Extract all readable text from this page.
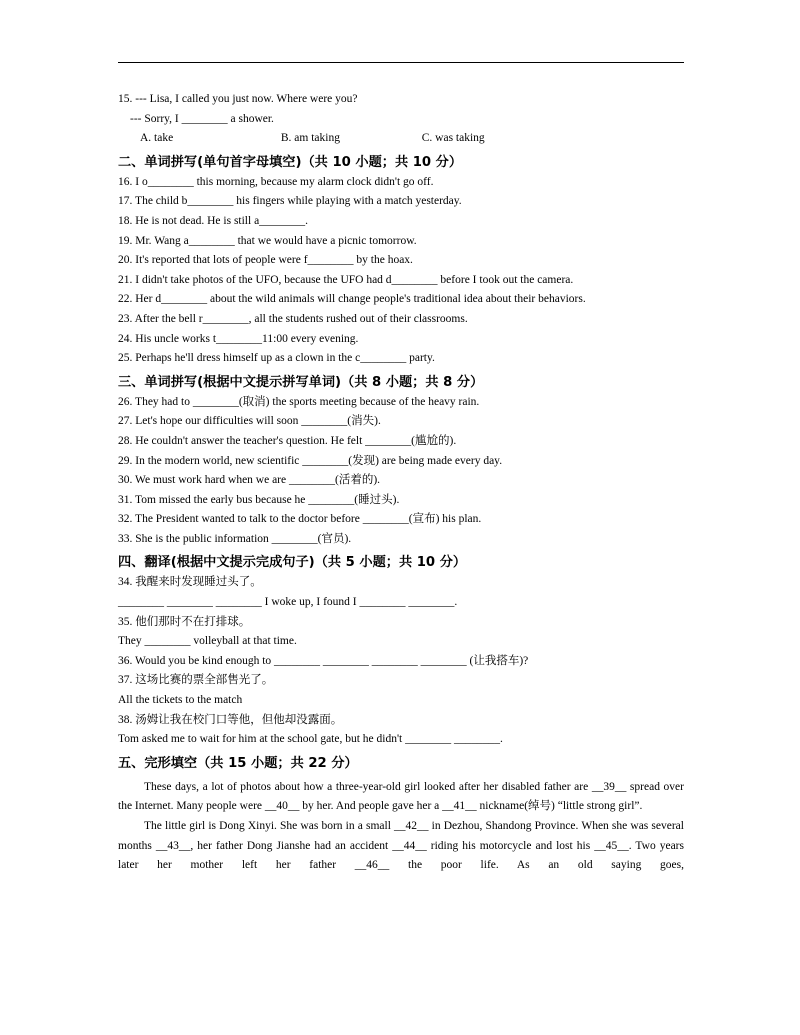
15. --- Lisa, I called you just now. Where were you?
--- Sorry, I ________ a shower.
A. take	B. am taking	C. was taking
二、单词拼写(单句首字母填空)（共 10 小题；共 10 分）
16. I o________ this morning, because my alarm clock didn't go off.
17. The child b________ his fingers while playing with a match yesterday.
18. He is not dead. He is still a________.
19. Mr. Wang a________ that we would have a picnic tomorrow.
20. It's reported that lots of people were f________ by the hoax.
21. I didn't take photos of the UFO, because the UFO had d________ before I took out the camera.
22. Her d________ about the wild animals will change people's traditional idea about their behaviors.
23. After the bell r________, all the students rushed out of their classrooms.
24. His uncle works t________11:00 every evening.
25. Perhaps he'll dress himself up as a clown in the c________ party.
三、单词拼写(根据中文提示拼写单词)（共 8 小题；共 8 分）
26. They had to ________(取消) the sports meeting because of the heavy rain.
27. Let's hope our difficulties will soon ________(消失).
28. He couldn't answer the teacher's question. He felt ________(尴尬的).
29. In the modern world, new scientific ________(发现) are being made every day.
30. We must work hard when we are ________(活着的).
31. Tom missed the early bus because he ________(睡过头).
32. The President wanted to talk to the doctor before ________(宣布) his plan.
33. She is the public information ________(官员).
四、翻译(根据中文提示完成句子)（共 5 小题；共 10 分）
34. 我醒来时发现睡过头了。
________ ________ ________ I woke up, I found I ________ ________.
35. 他们那时不在打排球。
They ________ volleyball at that time.
36. Would you be kind enough to ________ ________ ________ ________ (让我搭车)?
37. 这场比赛的票全部售光了。
All the tickets to the match
38. 汤姆让我在校门口等他，但他却没露面。
Tom asked me to wait for him at the school gate, but he didn't ________ ________.
五、完形填空（共 15 小题；共 22 分）

These days, a lot of photos about how a three-year-old girl looked after her disabled father are __39__ spread over the Internet. Many people were __40__ by her. And people gave her a __41__ nickname(绰号) “little strong girl”.

The little girl is Dong Xinyi. She was born in a small __42__ in Dezhou, Shandong Province. When she was several months __43__, her father Dong Jianshe had an accident __44__ riding his motorcycle and lost his __45__. Two years later her mother left her father __46__ the poor life. As an old saying goes,
